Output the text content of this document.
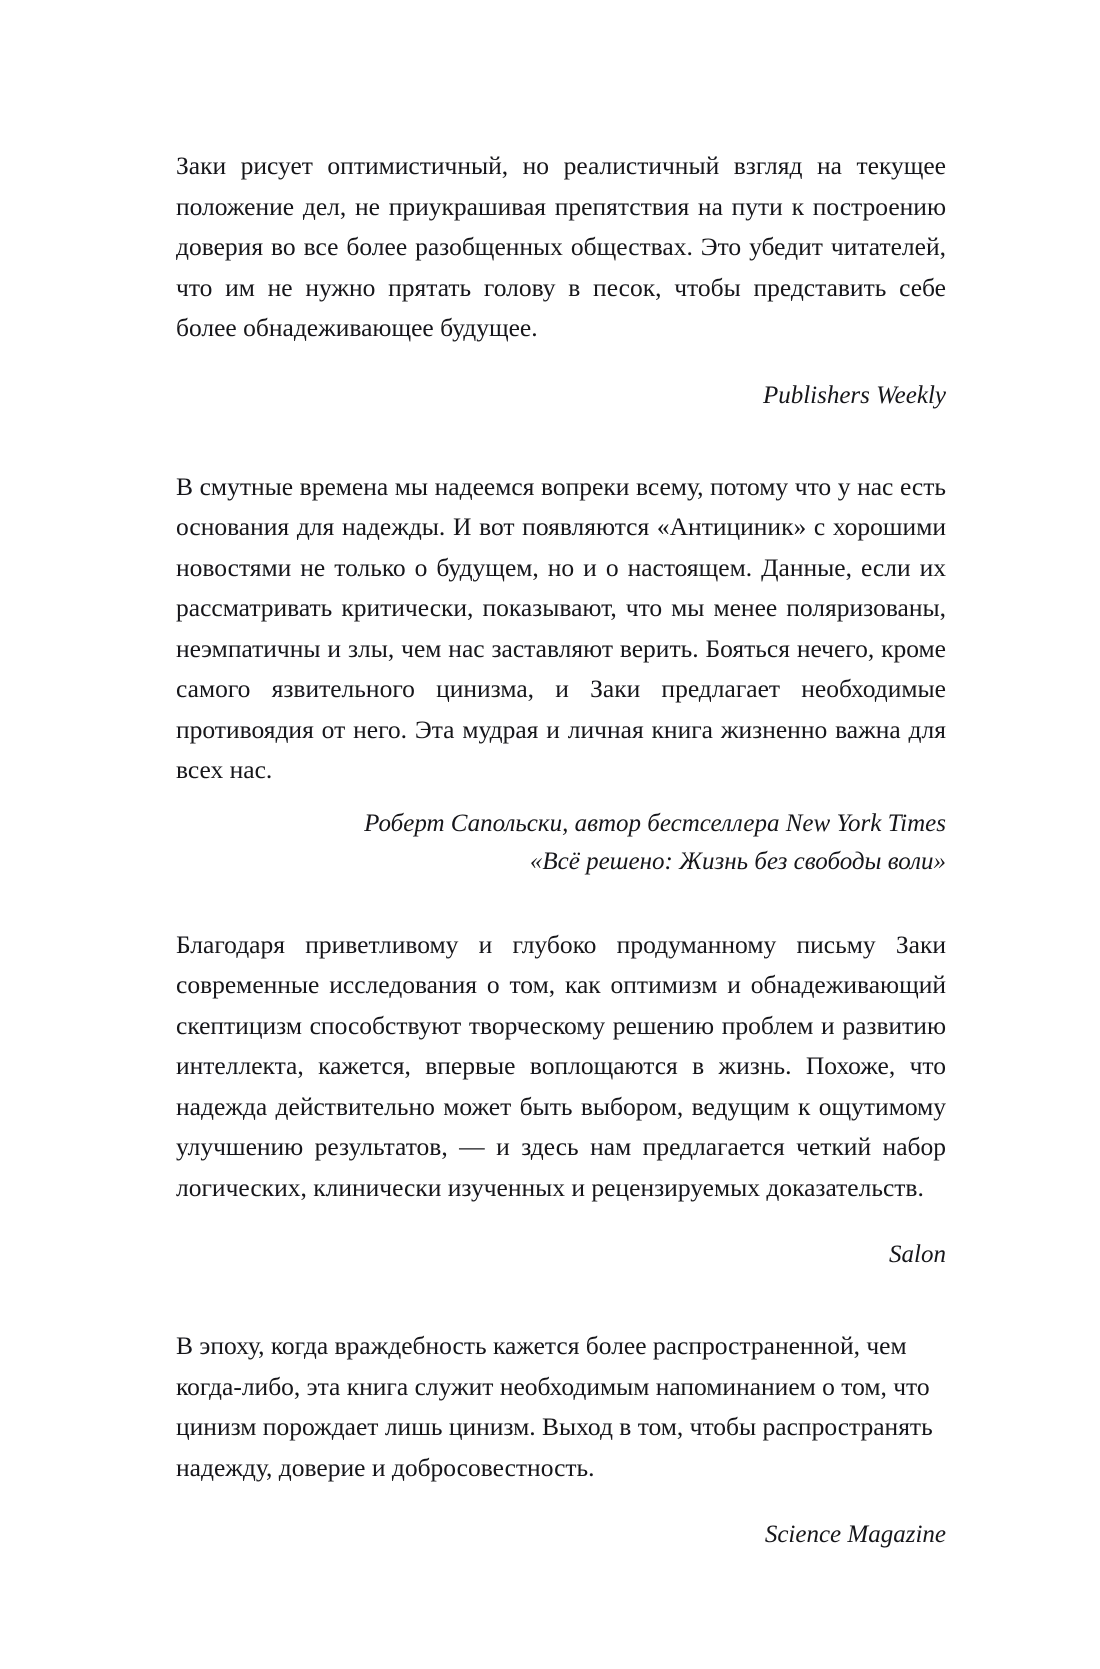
Заки рисует оптимистичный, но реалистичный взгляд на текущее положение дел, не приукрашивая препятствия на пути к построению доверия во все более разобщенных обществах. Это убедит читателей, что им не нужно прятать голову в песок, чтобы представить себе более обнадеживающее будущее.

Publishers Weekly

В смутные времена мы надеемся вопреки всему, потому что у нас есть основания для надежды. И вот появляются «Антициник» с хорошими новостями не только о будущем, но и о настоящем. Данные, если их рассматривать критически, показывают, что мы менее поляризованы, неэмпатичны и злы, чем нас заставляют верить. Бояться нечего, кроме самого язвительного цинизма, и Заки предлагает необходимые противоядия от него. Эта мудрая и личная книга жизненно важна для всех нас.

Роберт Сапольски, автор бестселлера New York Times

«Всё решено: Жизнь без свободы воли»

Благодаря приветливому и глубоко продуманному письму Заки современные исследования о том, как оптимизм и обнадеживающий скептицизм способствуют творческому решению проблем и развитию интеллекта, кажется, впервые воплощаются в жизнь. Похоже, что надежда действительно может быть выбором, ведущим к ощутимому улучшению результатов, — и здесь нам предлагается четкий набор логических, клинически изученных и рецензируемых доказательств.

Salon

В эпоху, когда враждебность кажется более распространенной, чем когда-либо, эта книга служит необходимым напоминанием о том, что цинизм порождает лишь цинизм. Выход в том, чтобы распространять надежду, доверие и добросовестность.

Science Magazine
